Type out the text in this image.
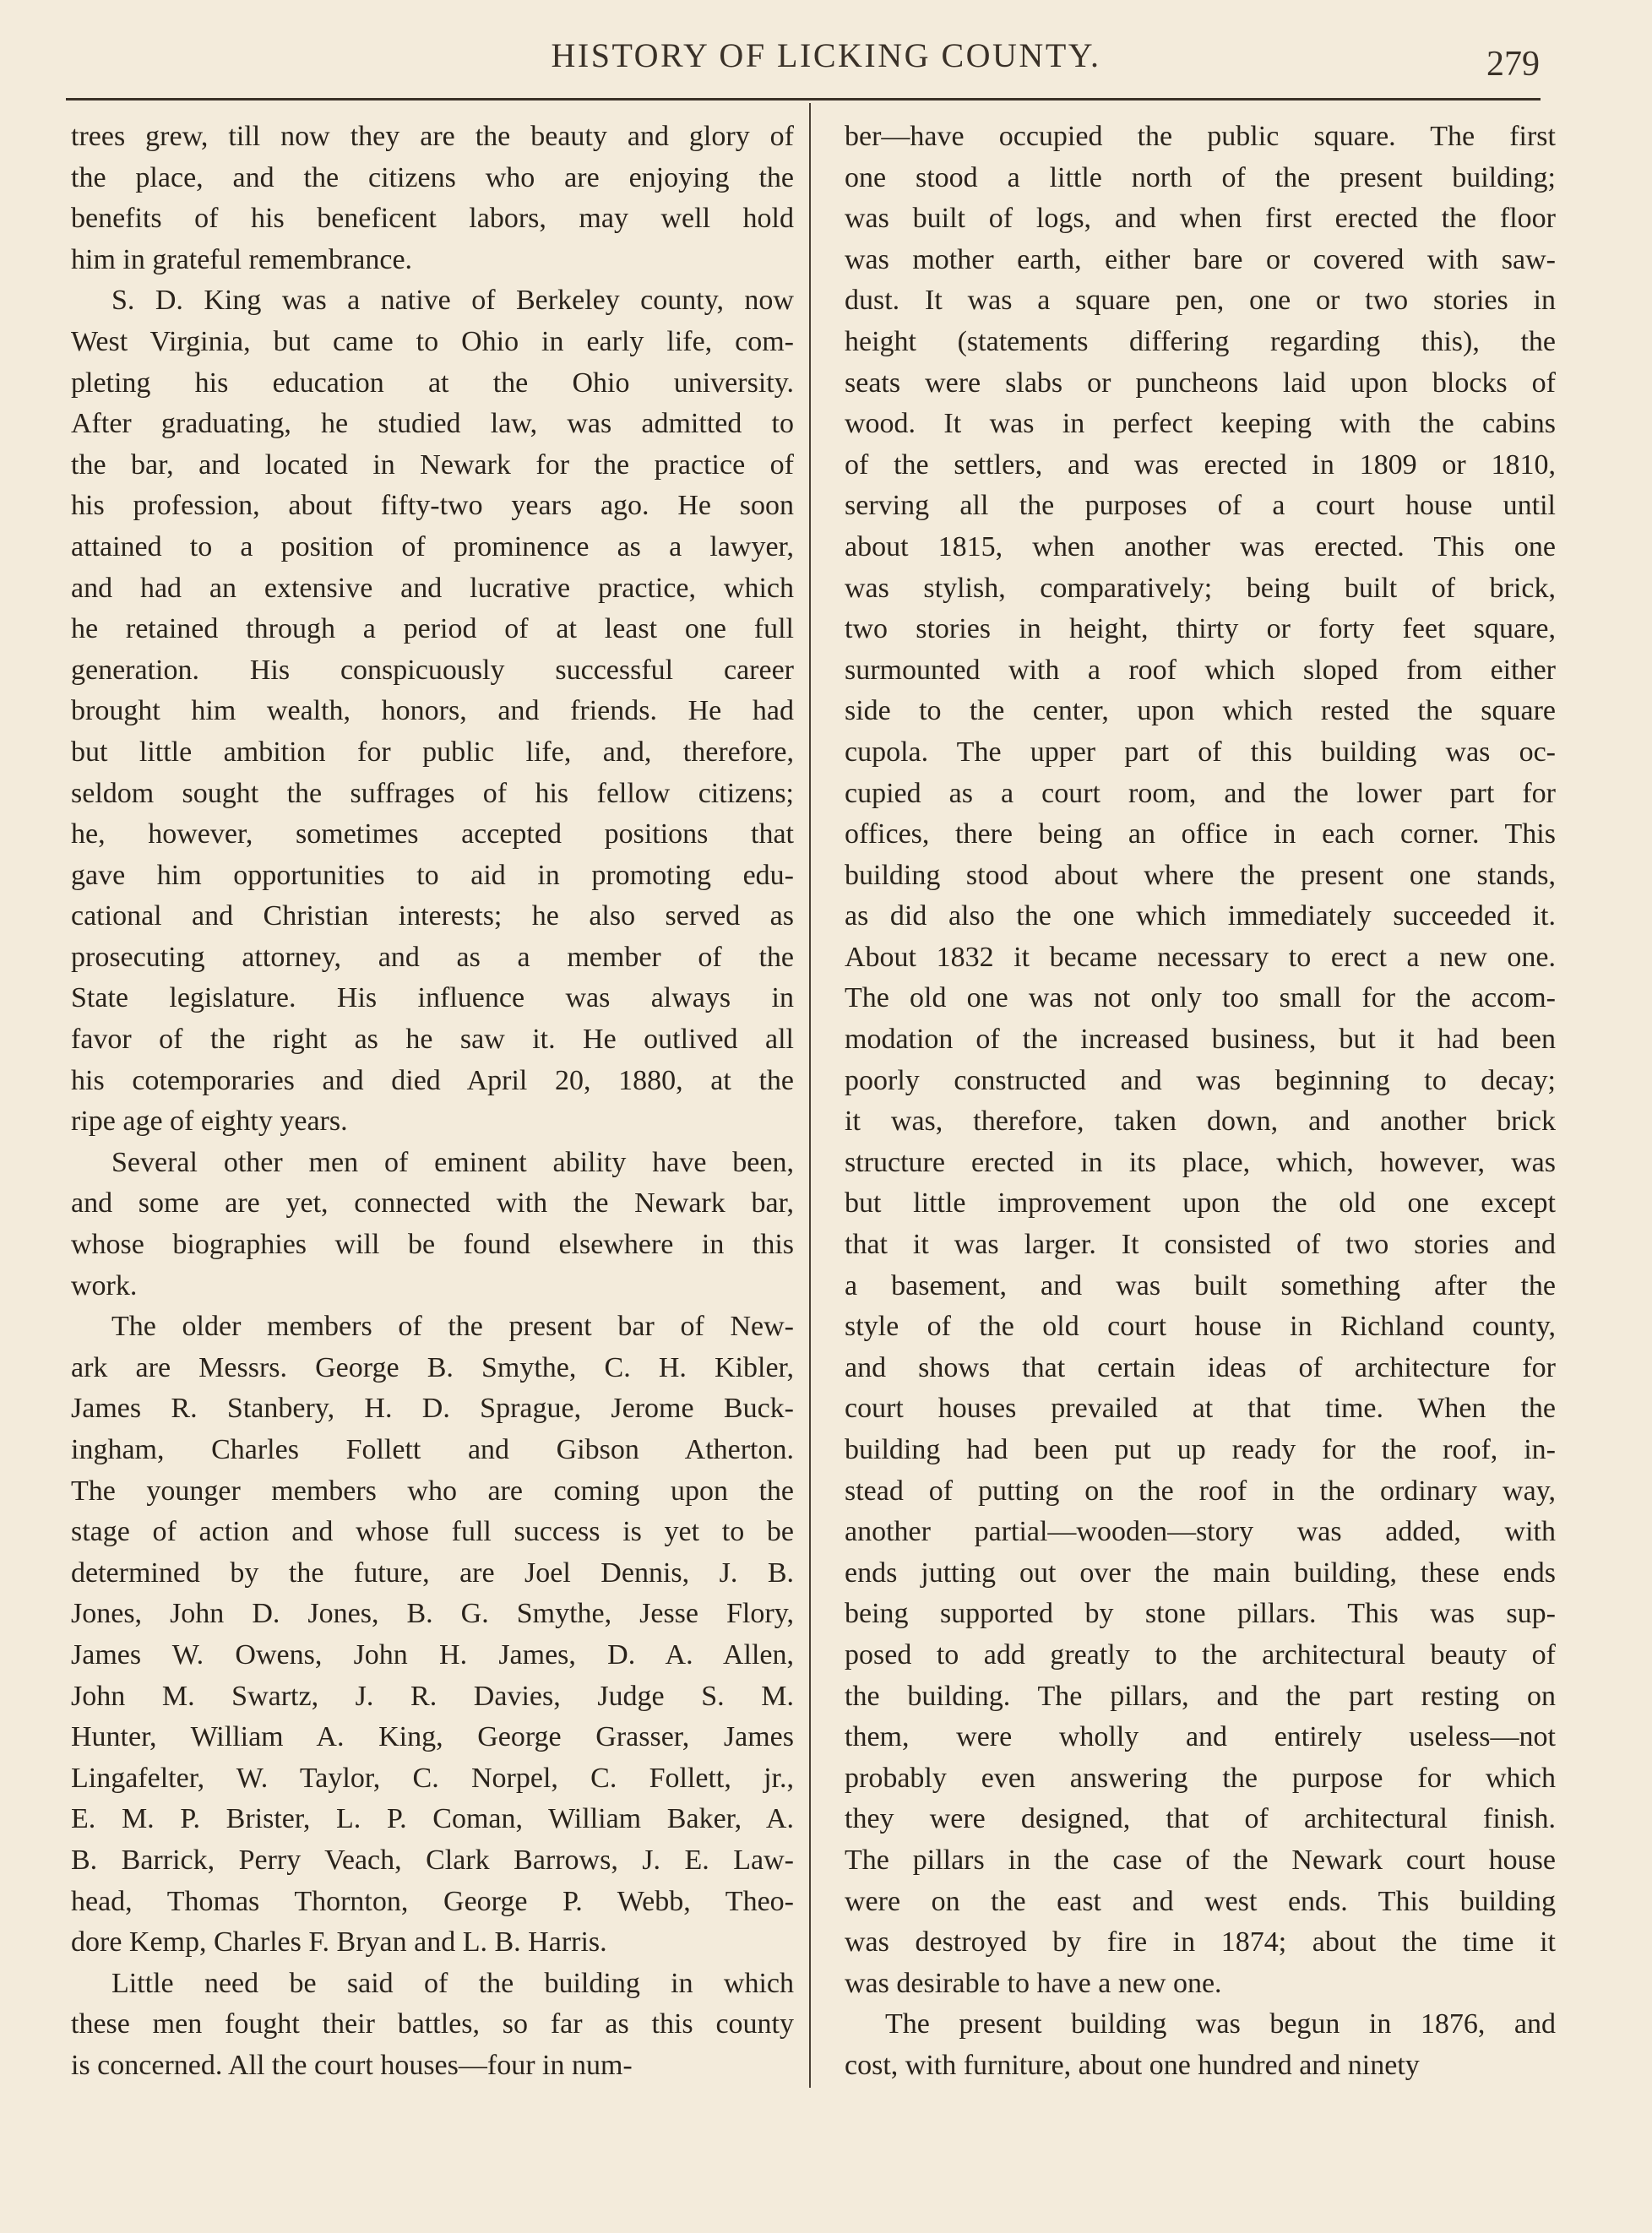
HISTORY OF LICKING COUNTY.	279
trees grew, till now they are the beauty and glory of
the place, and the citizens who are enjoying the
benefits of his beneficent labors, may well hold
him in grateful remembrance.
S. D. King was a native of Berkeley county, now
West Virginia, but came to Ohio in early life, com-
pleting his education at the Ohio university.
After graduating, he studied law, was admitted to
the bar, and located in Newark for the practice of
his profession, about fifty-two years ago. He soon
attained to a position of prominence as a lawyer,
and had an extensive and lucrative practice, which
he retained through a period of at least one full
generation. His conspicuously successful career
brought him wealth, honors, and friends. He had
but little ambition for public life, and, therefore,
seldom sought the suffrages of his fellow citizens;
he, however, sometimes accepted positions that
gave him opportunities to aid in promoting edu-
cational and Christian interests; he also served as
prosecuting attorney, and as a member of the
State legislature. His influence was always in
favor of the right as he saw it. He outlived all
his cotemporaries and died April 20, 1880, at the
ripe age of eighty years.
Several other men of eminent ability have been,
and some are yet, connected with the Newark bar,
whose biographies will be found elsewhere in this
work.
The older members of the present bar of New-
ark are Messrs. George B. Smythe, C. H. Kibler,
James R. Stanbery, H. D. Sprague, Jerome Buck-
ingham, Charles Follett and Gibson Atherton.
The younger members who are coming upon the
stage of action and whose full success is yet to be
determined by the future, are Joel Dennis, J. B.
Jones, John D. Jones, B. G. Smythe, Jesse Flory,
James W. Owens, John H. James, D. A. Allen,
John M. Swartz, J. R. Davies, Judge S. M.
Hunter, William A. King, George Grasser, James
Lingafelter, W. Taylor, C. Norpel, C. Follett, jr.,
E. M. P. Brister, L. P. Coman, William Baker, A.
B. Barrick, Perry Veach, Clark Barrows, J. E. Law-
head, Thomas Thornton, George P. Webb, Theo-
dore Kemp, Charles F. Bryan and L. B. Harris.
Little need be said of the building in which
these men fought their battles, so far as this county
is concerned. All the court houses—four in num-
ber—have occupied the public square. The first
one stood a little north of the present building;
was built of logs, and when first erected the floor
was mother earth, either bare or covered with saw-
dust. It was a square pen, one or two stories in
height (statements differing regarding this), the
seats were slabs or puncheons laid upon blocks of
wood. It was in perfect keeping with the cabins
of the settlers, and was erected in 1809 or 1810,
serving all the purposes of a court house until
about 1815, when another was erected. This one
was stylish, comparatively; being built of brick,
two stories in height, thirty or forty feet square,
surmounted with a roof which sloped from either
side to the center, upon which rested the square
cupola. The upper part of this building was oc-
cupied as a court room, and the lower part for
offices, there being an office in each corner. This
building stood about where the present one stands,
as did also the one which immediately succeeded it.
About 1832 it became necessary to erect a new one.
The old one was not only too small for the accom-
modation of the increased business, but it had been
poorly constructed and was beginning to decay;
it was, therefore, taken down, and another brick
structure erected in its place, which, however, was
but little improvement upon the old one except
that it was larger. It consisted of two stories and
a basement, and was built something after the
style of the old court house in Richland county,
and shows that certain ideas of architecture for
court houses prevailed at that time. When the
building had been put up ready for the roof, in-
stead of putting on the roof in the ordinary way,
another partial—wooden—story was added, with
ends jutting out over the main building, these ends
being supported by stone pillars. This was sup-
posed to add greatly to the architectural beauty of
the building. The pillars, and the part resting on
them, were wholly and entirely useless—not
probably even answering the purpose for which
they were designed, that of architectural finish.
The pillars in the case of the Newark court house
were on the east and west ends. This building
was destroyed by fire in 1874; about the time it
was desirable to have a new one.
The present building was begun in 1876, and
cost, with furniture, about one hundred and ninety
